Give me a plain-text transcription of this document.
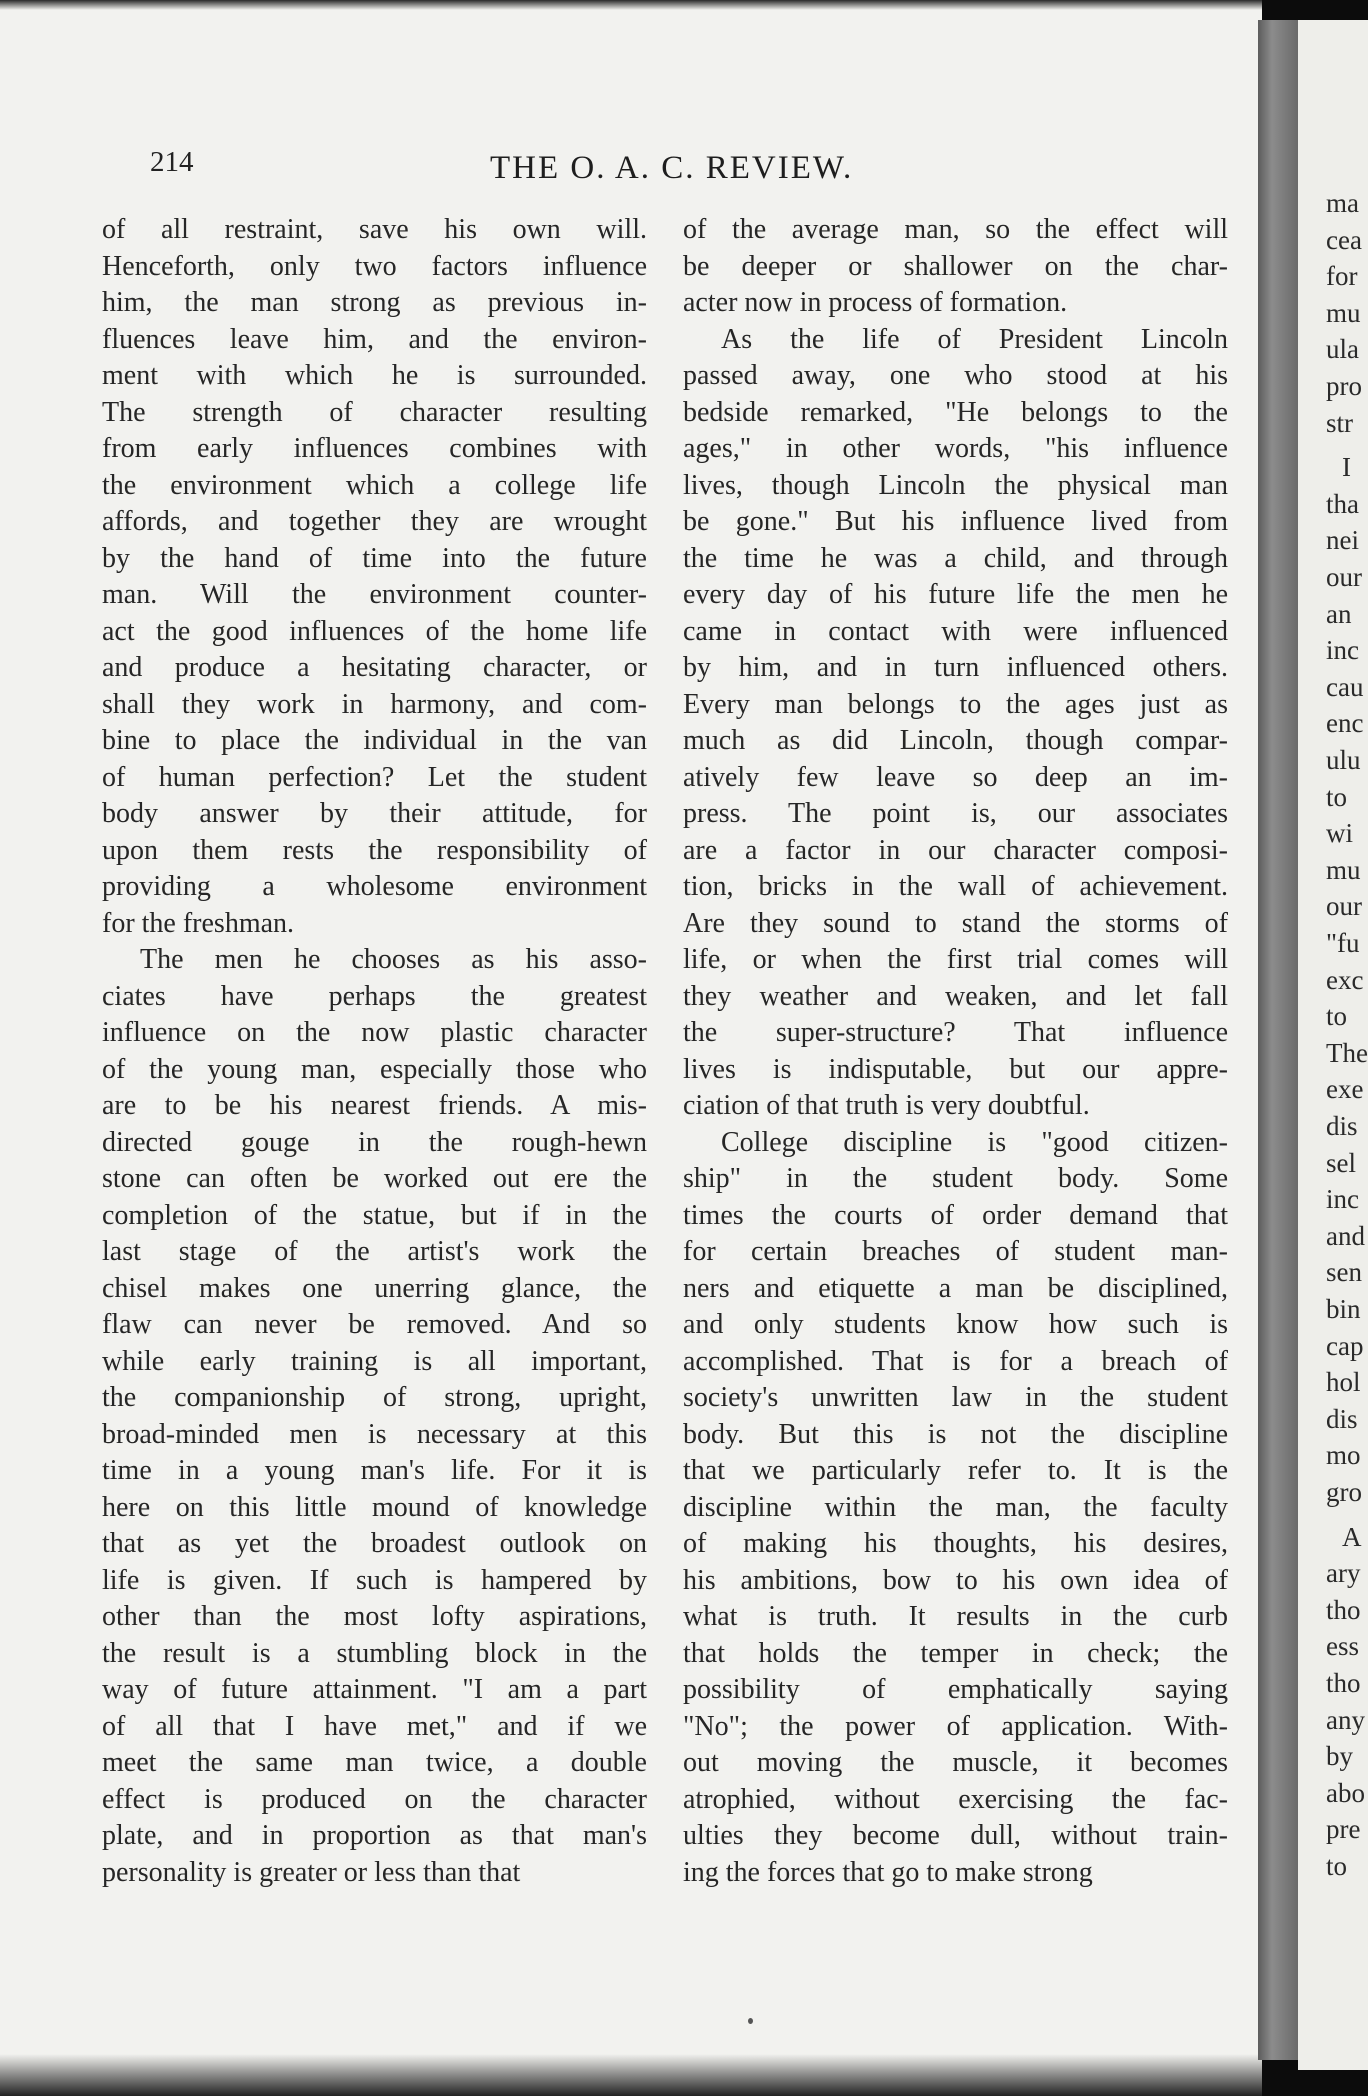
214	THE O. A. C. REVIEW.

of all restraint, save his own will.

Henceforth, only two factors influence

him, the man strong as previous in-

fluences leave him, and the environ-

ment with which he is surrounded.

The strength of character resulting

from early influences combines with

the environment which a college life

affords, and together they are wrought

by the hand of time into the future

man. Will the environment counter-

act the good influences of the home life

and produce a hesitating character, or

shall they work in harmony, and com-

bine to place the individual in the van

of human perfection? Let the student

body answer by their attitude, for

upon them rests the responsibility of

providing a wholesome environment

for the freshman.

The men he chooses as his asso-

ciates have perhaps the greatest

influence on the now plastic character

of the young man, especially those who

are to be his nearest friends. A mis-

directed gouge in the rough-hewn

stone can often be worked out ere the

completion of the statue, but if in the

last stage of the artist's work the

chisel makes one unerring glance, the

flaw can never be removed. And so

while early training is all important,

the companionship of strong, upright,

broad-minded men is necessary at this

time in a young man's life. For it is

here on this little mound of knowledge

that as yet the broadest outlook on

life is given. If such is hampered by

other than the most lofty aspirations,

the result is a stumbling block in the

way of future attainment. "I am a part

of all that I have met," and if we

meet the same man twice, a double

effect is produced on the character

plate, and in proportion as that man's

personality is greater or less than that

of the average man, so the effect will

be deeper or shallower on the char-

acter now in process of formation.

As the life of President Lincoln

passed away, one who stood at his

bedside remarked, "He belongs to the

ages," in other words, "his influence

lives, though Lincoln the physical man

be gone." But his influence lived from

the time he was a child, and through

every day of his future life the men he

came in contact with were influenced

by him, and in turn influenced others.

Every man belongs to the ages just as

much as did Lincoln, though compar-

atively few leave so deep an im-

press. The point is, our associates

are a factor in our character composi-

tion, bricks in the wall of achievement.

Are they sound to stand the storms of

life, or when the first trial comes will

they weather and weaken, and let fall

the super-structure? That influence

lives is indisputable, but our appre-

ciation of that truth is very doubtful.

College discipline is "good citizen-

ship" in the student body. Some

times the courts of order demand that

for certain breaches of student man-

ners and etiquette a man be disciplined,

and only students know how such is

accomplished. That is for a breach of

society's unwritten law in the student

body. But this is not the discipline

that we particularly refer to. It is the

discipline within the man, the faculty

of making his thoughts, his desires,

his ambitions, bow to his own idea of

what is truth. It results in the curb

that holds the temper in check; the

possibility of emphatically saying

"No"; the power of application. With-

out moving the muscle, it becomes

atrophied, without exercising the fac-

ulties they become dull, without train-

ing the forces that go to make strong

ma

cea

for

mu

ula

pro

str

I

tha

nei

our

an

inc

cau

enc

ulu

to

wi

mu

our

"fu

exc

to

The

exe

dis

sel

inc

and

sen

bin

cap

hol

dis

mo

gro

A

ary

tho

ess

tho

any

by

abo

pre

to
